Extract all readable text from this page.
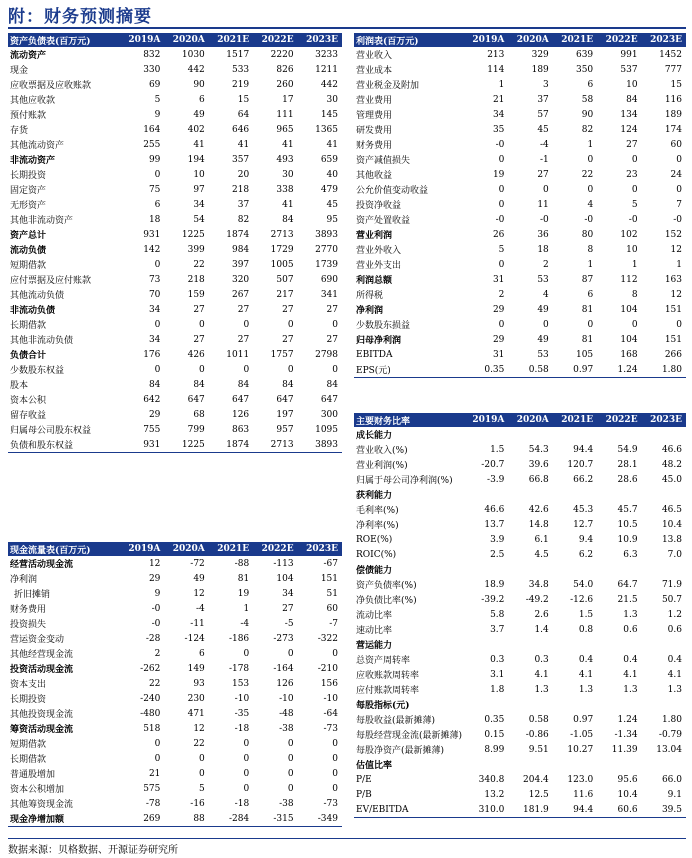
附：财务预测摘要
资产负债表(百万元)	2019A	2020A	2021E	2022E	2023E
流动资产	832	1030	1517	2220	3233
现金	330	442	533	826	1211
应收票据及应收账款	69	90	219	260	442
其他应收款	5	6	15	17	30
预付账款	9	49	64	111	145
存货	164	402	646	965	1365
其他流动资产	255	41	41	41	41
非流动资产	99	194	357	493	659
长期投资	0	10	20	30	40
固定资产	75	97	218	338	479
无形资产	6	34	37	41	45
其他非流动资产	18	54	82	84	95
资产总计	931	1225	1874	2713	3893
流动负债	142	399	984	1729	2770
短期借款	0	22	397	1005	1739
应付票据及应付账款	73	218	320	507	690
其他流动负债	70	159	267	217	341
非流动负债	34	27	27	27	27
长期借款	0	0	0	0	0
其他非流动负债	34	27	27	27	27
负债合计	176	426	1011	1757	2798
少数股东权益	0	0	0	0	0
股本	84	84	84	84	84
资本公积	642	647	647	647	647
留存收益	29	68	126	197	300
归属母公司股东权益	755	799	863	957	1095
负债和股东权益	931	1225	1874	2713	3893
现金流量表(百万元)	2019A	2020A	2021E	2022E	2023E
经营活动现金流	12	-72	-88	-113	-67
净利润	29	49	81	104	151
折旧摊销	9	12	19	34	51
财务费用	-0	-4	1	27	60
投资损失	-0	-11	-4	-5	-7
营运资金变动	-28	-124	-186	-273	-322
其他经营现金流	2	6	0	0	0
投资活动现金流	-262	149	-178	-164	-210
资本支出	22	93	153	126	156
长期投资	-240	230	-10	-10	-10
其他投资现金流	-480	471	-35	-48	-64
筹资活动现金流	518	12	-18	-38	-73
短期借款	0	22	0	0	0
长期借款	0	0	0	0	0
普通股增加	21	0	0	0	0
资本公积增加	575	5	0	0	0
其他筹资现金流	-78	-16	-18	-38	-73
现金净增加额	269	88	-284	-315	-349
利润表(百万元)	2019A	2020A	2021E	2022E	2023E
营业收入	213	329	639	991	1452
营业成本	114	189	350	537	777
营业税金及附加	1	3	6	10	15
营业费用	21	37	58	84	116
管理费用	34	57	90	134	189
研发费用	35	45	82	124	174
财务费用	-0	-4	1	27	60
资产减值损失	0	-1	0	0	0
其他收益	19	27	22	23	24
公允价值变动收益	0	0	0	0	0
投资净收益	0	11	4	5	7
资产处置收益	-0	-0	-0	-0	-0
营业利润	26	36	80	102	152
营业外收入	5	18	8	10	12
营业外支出	0	2	1	1	1
利润总额	31	53	87	112	163
所得税	2	4	6	8	12
净利润	29	49	81	104	151
少数股东损益	0	0	0	0	0
归母净利润	29	49	81	104	151
EBITDA	31	53	105	168	266
EPS(元)	0.35	0.58	0.97	1.24	1.80
主要财务比率	2019A	2020A	2021E	2022E	2023E
成长能力					
营业收入(%)	1.5	54.3	94.4	54.9	46.6
营业利润(%)	-20.7	39.6	120.7	28.1	48.2
归属于母公司净利润(%)	-3.9	66.8	66.2	28.6	45.0
获利能力					
毛利率(%)	46.6	42.6	45.3	45.7	46.5
净利率(%)	13.7	14.8	12.7	10.5	10.4
ROE(%)	3.9	6.1	9.4	10.9	13.8
ROIC(%)	2.5	4.5	6.2	6.3	7.0
偿债能力					
资产负债率(%)	18.9	34.8	54.0	64.7	71.9
净负债比率(%)	-39.2	-49.2	-12.6	21.5	50.7
流动比率	5.8	2.6	1.5	1.3	1.2
速动比率	3.7	1.4	0.8	0.6	0.6
营运能力					
总资产周转率	0.3	0.3	0.4	0.4	0.4
应收账款周转率	3.1	4.1	4.1	4.1	4.1
应付账款周转率	1.8	1.3	1.3	1.3	1.3
每股指标(元)					
每股收益(最新摊薄)	0.35	0.58	0.97	1.24	1.80
每股经营现金流(最新摊薄)	0.15	-0.86	-1.05	-1.34	-0.79
每股净资产(最新摊薄)	8.99	9.51	10.27	11.39	13.04
估值比率					
P/E	340.8	204.4	123.0	95.6	66.0
P/B	13.2	12.5	11.6	10.4	9.1
EV/EBITDA	310.0	181.9	94.4	60.6	39.5
数据来源：贝格数据、开源证券研究所
